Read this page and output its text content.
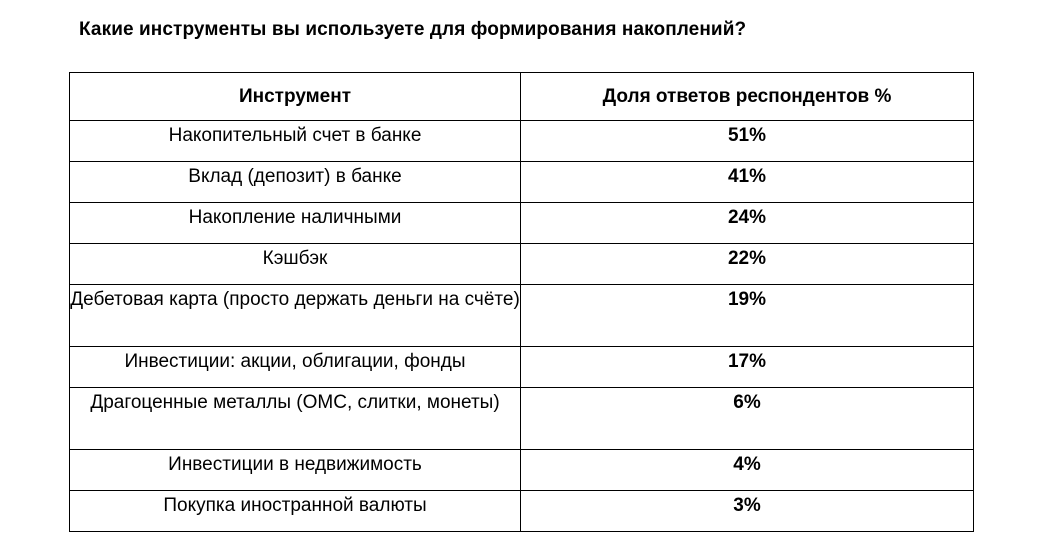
Какие инструменты вы используете для формирования накоплений?
Инструмент	Доля ответов респондентов %
Накопительный счет в банке	51%
Вклад (депозит) в банке	41%
Накопление наличными	24%
Кэшбэк	22%
Дебетовая карта (просто держать деньги на счёте)	19%
Инвестиции: акции, облигации, фонды	17%
Драгоценные металлы (ОМС, слитки, монеты)	6%
Инвестиции в недвижимость	4%
Покупка иностранной валюты	3%
